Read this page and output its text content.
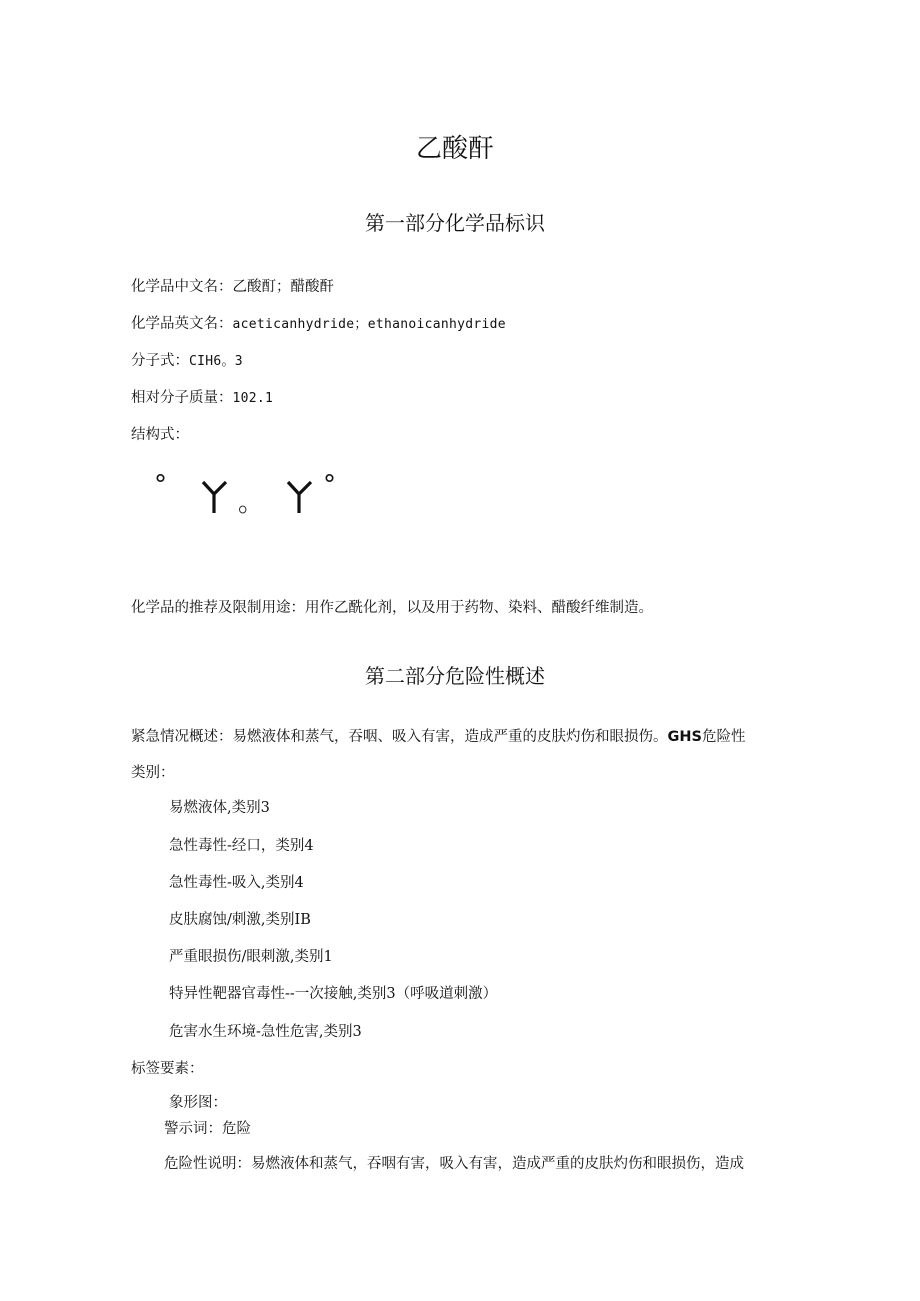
乙酸酐
第一部分化学品标识
化学品中文名：乙酸酊；醋酸酐
化学品英文名：aceticanhydride；ethanoicanhydride
分子式：CIH6。3
相对分子质量：102.1
结构式：
°
。
°
化学品的推荐及限制用途：用作乙酰化剂，以及用于药物、染料、醋酸纤维制造。
第二部分危险性概述
紧急情况概述：易燃液体和蒸气，吞咽、吸入有害，造成严重的皮肤灼伤和眼损伤。GHS危险性
类别：
易燃液体,类别3
急性毒性-经口，类别4
急性毒性-吸入,类别4
皮肤腐蚀/刺激,类别IB
严重眼损伤/眼刺激,类别1
特异性靶器官毒性--一次接触,类别3（呼吸道刺激）
危害水生环境-急性危害,类别3
标签要素：
象形图：
警示词：危险
危险性说明：易燃液体和蒸气，吞咽有害，吸入有害，造成严重的皮肤灼伤和眼损伤，造成
